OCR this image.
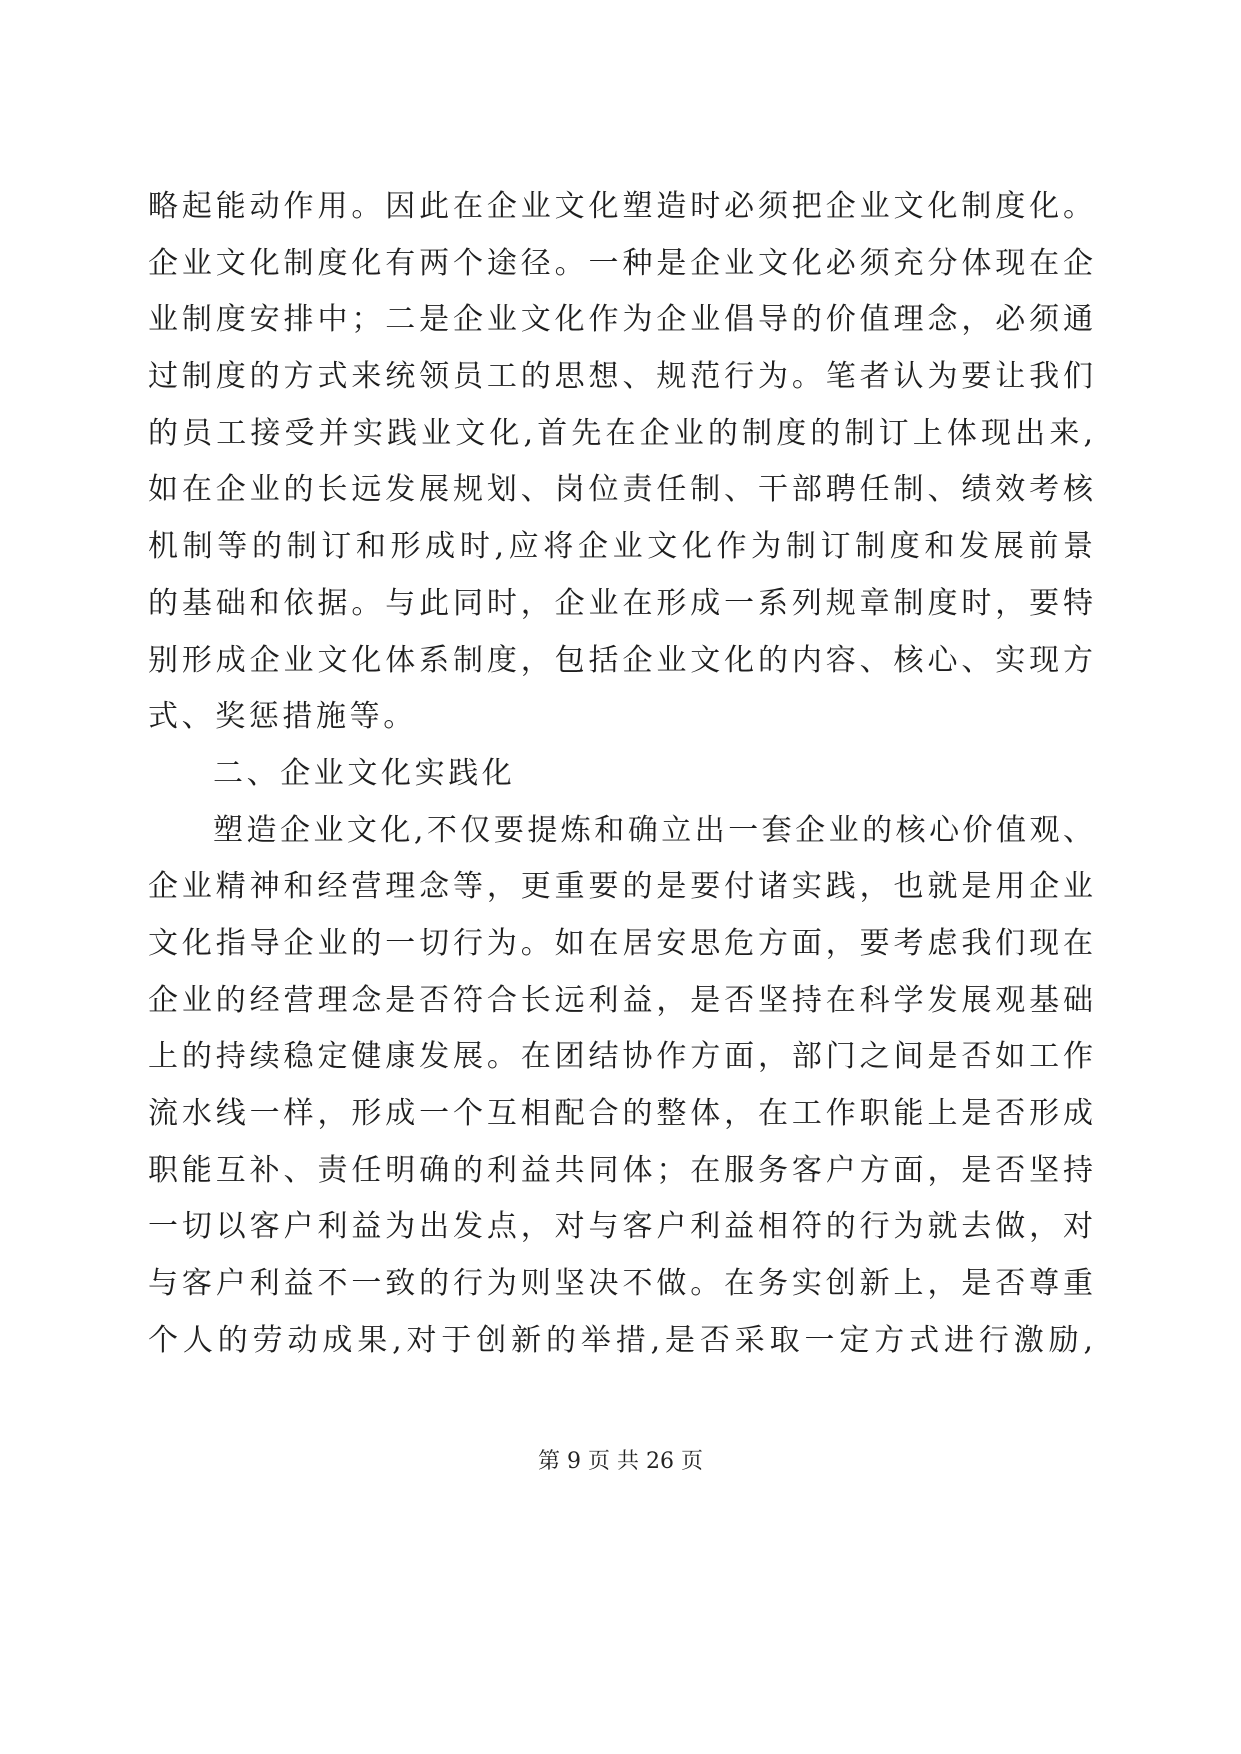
略起能动作用。因此在企业文化塑造时必须把企业文化制度化。
企业文化制度化有两个途径。一种是企业文化必须充分体现在企
业制度安排中；二是企业文化作为企业倡导的价值理念，必须通
过制度的方式来统领员工的思想、规范行为。笔者认为要让我们
的员工接受并实践业文化,首先在企业的制度的制订上体现出来,
如在企业的长远发展规划、岗位责任制、干部聘任制、绩效考核
机制等的制订和形成时,应将企业文化作为制订制度和发展前景
的基础和依据。与此同时，企业在形成一系列规章制度时，要特
别形成企业文化体系制度，包括企业文化的内容、核心、实现方
式、奖惩措施等。
二、企业文化实践化
塑造企业文化,不仅要提炼和确立出一套企业的核心价值观、
企业精神和经营理念等，更重要的是要付诸实践，也就是用企业
文化指导企业的一切行为。如在居安思危方面，要考虑我们现在
企业的经营理念是否符合长远利益，是否坚持在科学发展观基础
上的持续稳定健康发展。在团结协作方面，部门之间是否如工作
流水线一样，形成一个互相配合的整体，在工作职能上是否形成
职能互补、责任明确的利益共同体；在服务客户方面，是否坚持
一切以客户利益为出发点，对与客户利益相符的行为就去做，对
与客户利益不一致的行为则坚决不做。在务实创新上，是否尊重
个人的劳动成果,对于创新的举措,是否采取一定方式进行激励,
第 9 页 共 26 页
